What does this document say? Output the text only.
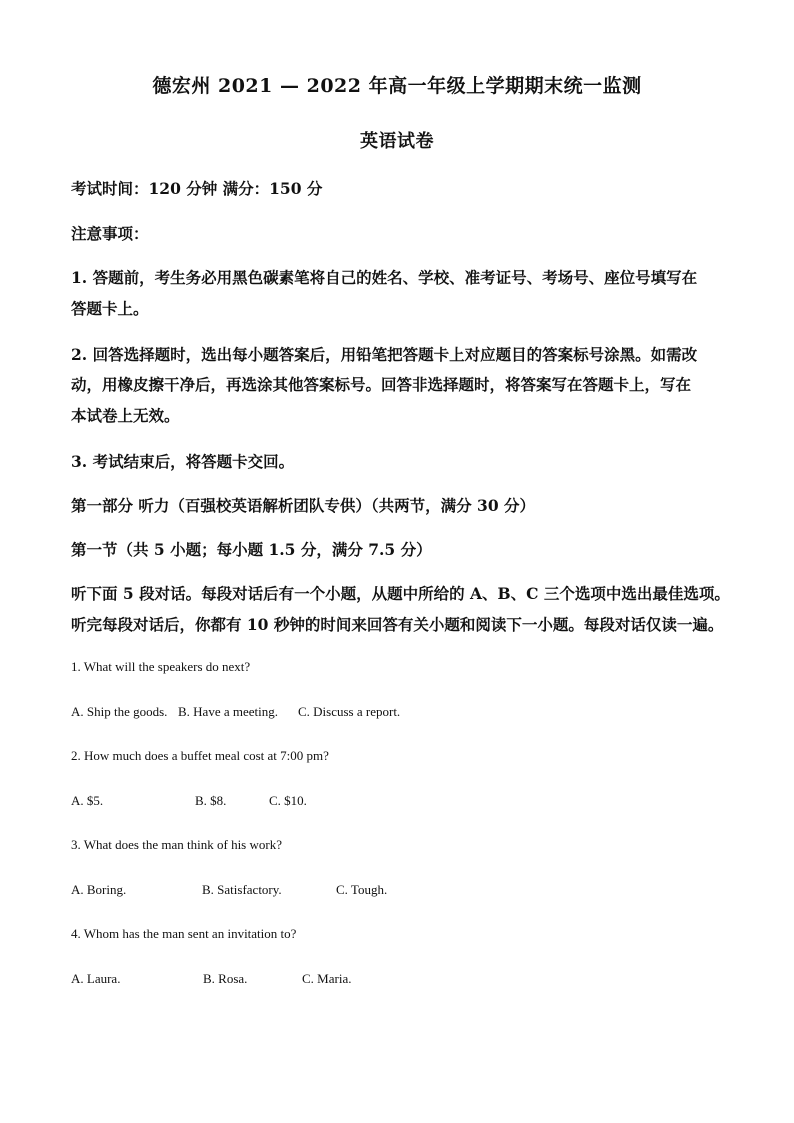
德宏州 2021 — 2022 年高一年级上学期期末统一监测
英语试卷
考试时间：120 分钟 满分：150 分
注意事项：
1. 答题前，考生务必用黑色碳素笔将自己的姓名、学校、准考证号、考场号、座位号填写在
答题卡上。
2. 回答选择题时，选出每小题答案后，用铅笔把答题卡上对应题目的答案标号涂黑。如需改
动，用橡皮擦干净后，再选涂其他答案标号。回答非选择题时，将答案写在答题卡上，写在
本试卷上无效。
3. 考试结束后，将答题卡交回。
第一部分 听力（百强校英语解析团队专供）（共两节，满分 30 分）
第一节（共 5 小题；每小题 1.5 分，满分 7.5 分）
听下面 5 段对话。每段对话后有一个小题，从题中所给的 A、B、C 三个选项中选出最佳选项。
听完每段对话后，你都有 10 秒钟的时间来回答有关小题和阅读下一小题。每段对话仅读一遍。
1. What will the speakers do next?
A. Ship the goods. B. Have a meeting. C. Discuss a report.
2. How much does a buffet meal cost at 7:00 pm?
A. $5.	B. $8.	C. $10.
3. What does the man think of his work?
A. Boring.	B. Satisfactory.	C. Tough.
4. Whom has the man sent an invitation to?
A. Laura.	B. Rosa.	C. Maria.
